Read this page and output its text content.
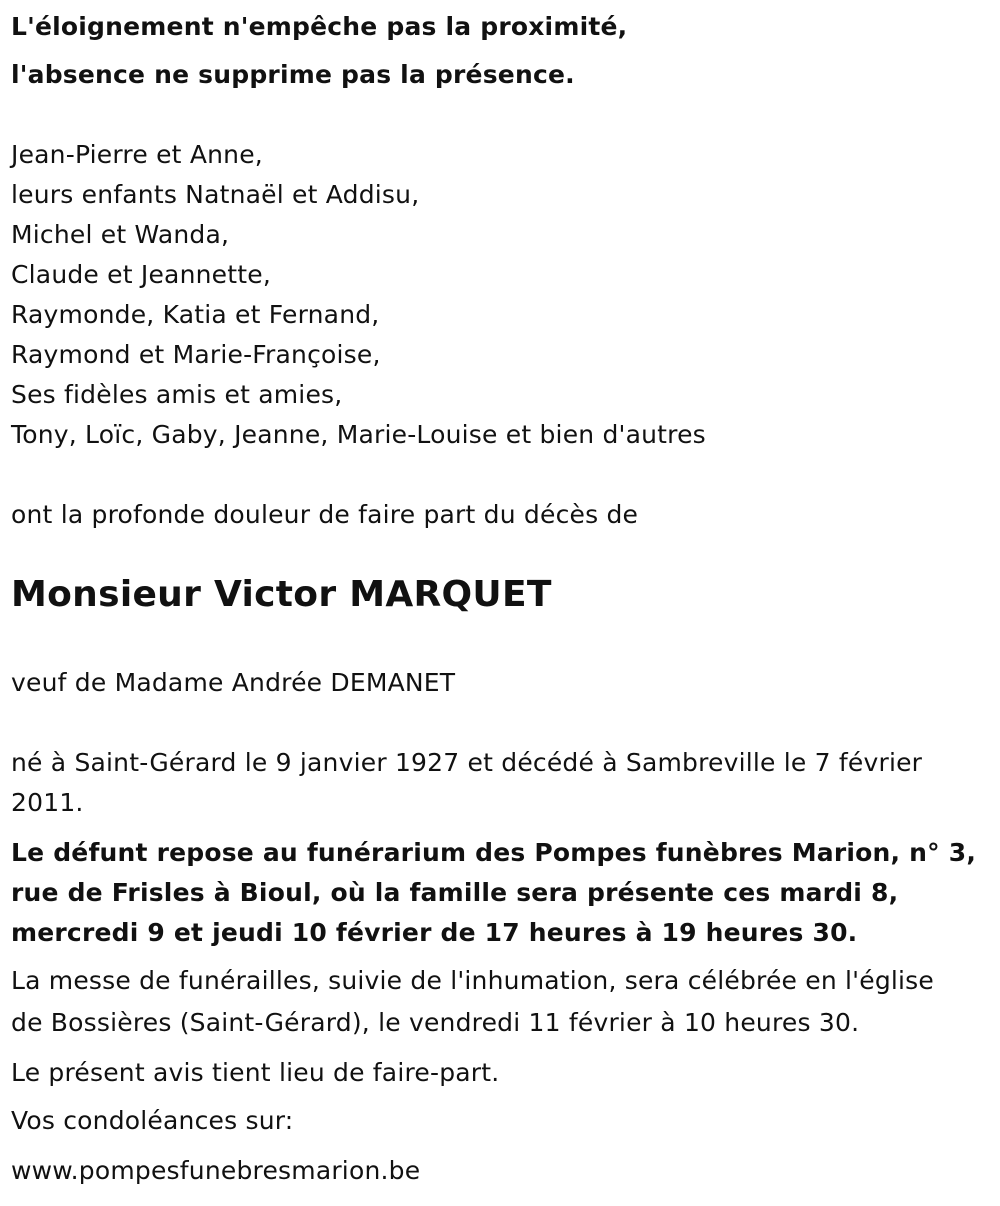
L'éloignement n'empêche pas la proximité,
l'absence ne supprime pas la présence.
Jean-Pierre et Anne,
leurs enfants Natnaël et Addisu,
Michel et Wanda,
Claude et Jeannette,
Raymonde, Katia et Fernand,
Raymond et Marie-Françoise,
Ses fidèles amis et amies,
Tony, Loïc, Gaby, Jeanne, Marie-Louise et bien d'autres
ont la profonde douleur de faire part du décès de
Monsieur Victor MARQUET
veuf de Madame Andrée DEMANET
né à Saint-Gérard le 9 janvier 1927 et décédé à Sambreville le 7 février
2011.
Le défunt repose au funérarium des Pompes funèbres Marion, n° 3,
rue de Frisles à Bioul, où la famille sera présente ces mardi 8,
mercredi 9 et jeudi 10 février de 17 heures à 19 heures 30.
La messe de funérailles, suivie de l'inhumation, sera célébrée en l'église
de Bossières (Saint-Gérard), le vendredi 11 février à 10 heures 30.
Le présent avis tient lieu de faire-part.
Vos condoléances sur:
www.pompesfunebresmarion.be
